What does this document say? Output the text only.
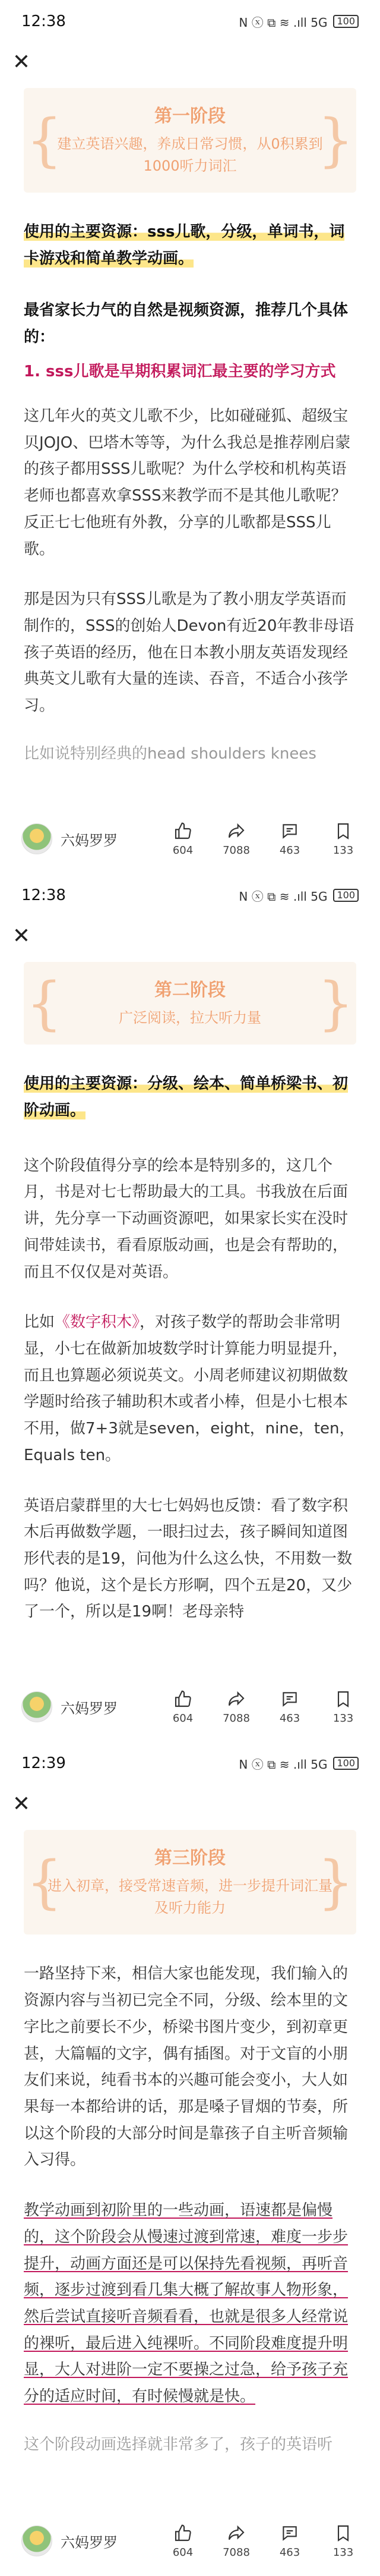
12:38	N ⓧ ⧉ ≋ .ıll 5G	100
✕
{	}
第一阶段
建立英语兴趣，养成日常习惯，从0积累到1000听力词汇

使用的主要资源：sss儿歌，分级，单词书，词卡游戏和简单教学动画。

最省家长力气的自然是视频资源，推荐几个具体的：

1. sss儿歌是早期积累词汇最主要的学习方式

这几年火的英文儿歌不少，比如碰碰狐、超级宝贝JOJO、巴塔木等等，为什么我总是推荐刚启蒙的孩子都用SSS儿歌呢？为什么学校和机构英语老师也都喜欢拿SSS来教学而不是其他儿歌呢？反正七七他班有外教，分享的儿歌都是SSS儿歌。

那是因为只有SSS儿歌是为了教小朋友学英语而制作的，SSS的创始人Devon有近20年教非母语孩子英语的经历，他在日本教小朋友英语发现经典英文儿歌有大量的连读、吞音，不适合小孩学习。

比如说特别经典的head shoulders knees

六妈罗罗
604	7088	463	133
12:38	N ⓧ ⧉ ≋ .ıll 5G	100
✕
{	}
第二阶段
广泛阅读，拉大听力量

使用的主要资源：分级、绘本、简单桥梁书、初阶动画。

这个阶段值得分享的绘本是特别多的，这几个月，书是对七七帮助最大的工具。书我放在后面讲，先分享一下动画资源吧，如果家长实在没时间带娃读书，看看原版动画，也是会有帮助的，而且不仅仅是对英语。

比如《数字积木》，对孩子数学的帮助会非常明显，小七在做新加坡数学时计算能力明显提升，而且也算题必须说英文。小周老师建议初期做数学题时给孩子辅助积木或者小棒，但是小七根本不用，做7+3就是seven，eight，nine，ten，Equals ten。

英语启蒙群里的大七七妈妈也反馈：看了数字积木后再做数学题，一眼扫过去，孩子瞬间知道图形代表的是19，问他为什么这么快，不用数一数吗？他说，这个是长方形啊，四个五是20，又少了一个，所以是19啊！老母亲特

六妈罗罗
604	7088	463	133
12:39	N ⓧ ⧉ ≋ .ıll 5G	100
✕
{	}
第三阶段
进入初章，接受常速音频，进一步提升词汇量及听力能力

一路坚持下来，相信大家也能发现，我们输入的资源内容与当初已完全不同，分级、绘本里的文字比之前要长不少，桥梁书图片变少，到初章更甚，大篇幅的文字，偶有插图。对于文盲的小朋友们来说，纯看书本的兴趣可能会变小，大人如果每一本都给讲的话，那是嗓子冒烟的节奏，所以这个阶段的大部分时间是靠孩子自主听音频输入习得。

教学动画到初阶里的一些动画，语速都是偏慢的，这个阶段会从慢速过渡到常速，难度一步步提升，动画方面还是可以保持先看视频，再听音频，逐步过渡到看几集大概了解故事人物形象，然后尝试直接听音频看看，也就是很多人经常说的裸听，最后进入纯裸听。不同阶段难度提升明显，大人对进阶一定不要操之过急，给予孩子充分的适应时间，有时候慢就是快。

这个阶段动画选择就非常多了，孩子的英语听

六妈罗罗
604	7088	463	133
